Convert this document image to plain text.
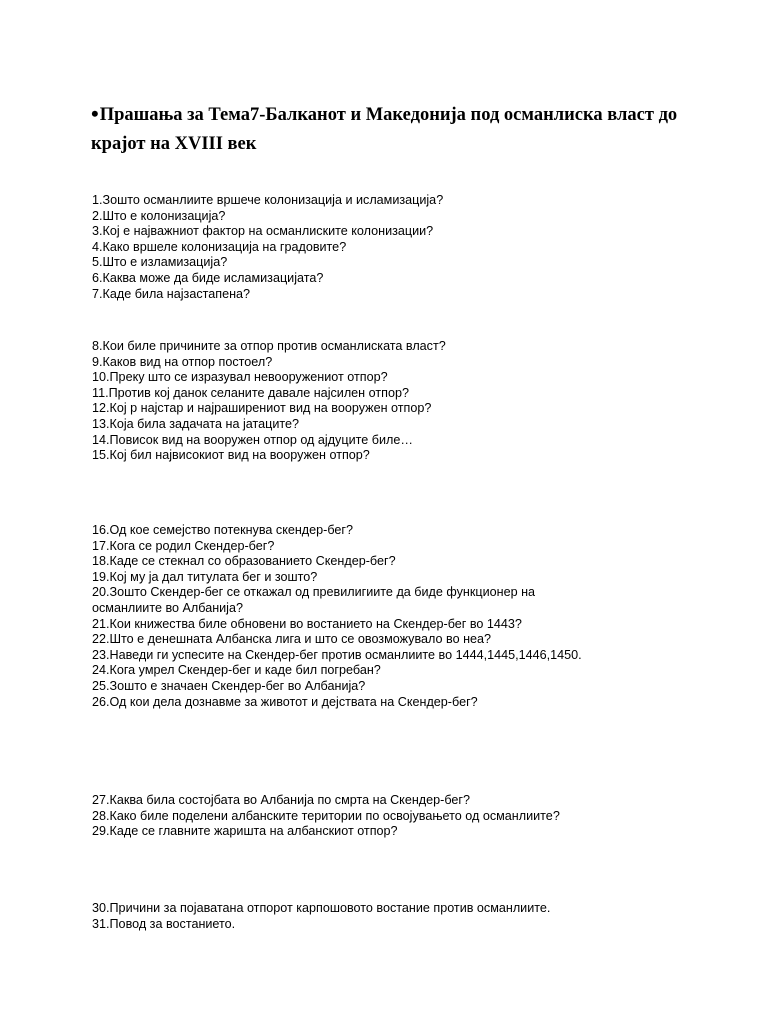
•Прашања за Тема7-Балканот и Македонија под османлиска власт до крајот на XVIII век
1.Зошто османлиите вршече колонизација и исламизација?
2.Што е колонизација?
3.Кој е најважниот фактор на османлиските колонизации?
4.Како вршеле колонизација на градовите?
5.Што е изламизација?
6.Каква може да биде исламизацијата?
7.Каде била најзастапена?
8.Кои биле причините за отпор против османлиската власт?
9.Каков вид на отпор постоел?
10.Преку што се изразувал невооружениот отпор?
11.Против кој данок селаните давале најсилен отпор?
12.Кој р најстар и најраширениот вид на вооружен отпор?
13.Која била задачата на јатаците?
14.Повисок вид на вооружен отпор од ајдуците биле…
15.Кој бил највисокиот вид на вооружен отпор?
16.Од кое семејство потекнува скендер-бег?
17.Кога се родил Скендер-бег?
18.Каде се стекнал со образованието Скендер-бег?
19.Кој му ја дал титулата бег и зошто?
20.Зошто Скендер-бег се откажал од превилигиите да биде функционер на
османлиите во Албанија?
21.Кои книжества биле обновени во востанието на Скендер-бег во 1443?
22.Што е денешната Албанска лига и што се овозможувало во неа?
23.Наведи ги успесите на Скендер-бег против османлиите во 1444,1445,1446,1450.
24.Кога умрел Скендер-бег и каде бил погребан?
25.Зошто е значаен Скендер-бег во Албанија?
26.Од кои дела дознавме за животот и дејствата на Скендер-бег?
27.Каква била состојбата во Албанија по смрта на Скендер-бег?
28.Како биле поделени албанските територии по освојувањето од османлиите?
29.Каде се главните жаришта на албанскиот отпор?
30.Причини за појаватана отпорот карпошовото востание против османлиите.
31.Повод за востанието.
